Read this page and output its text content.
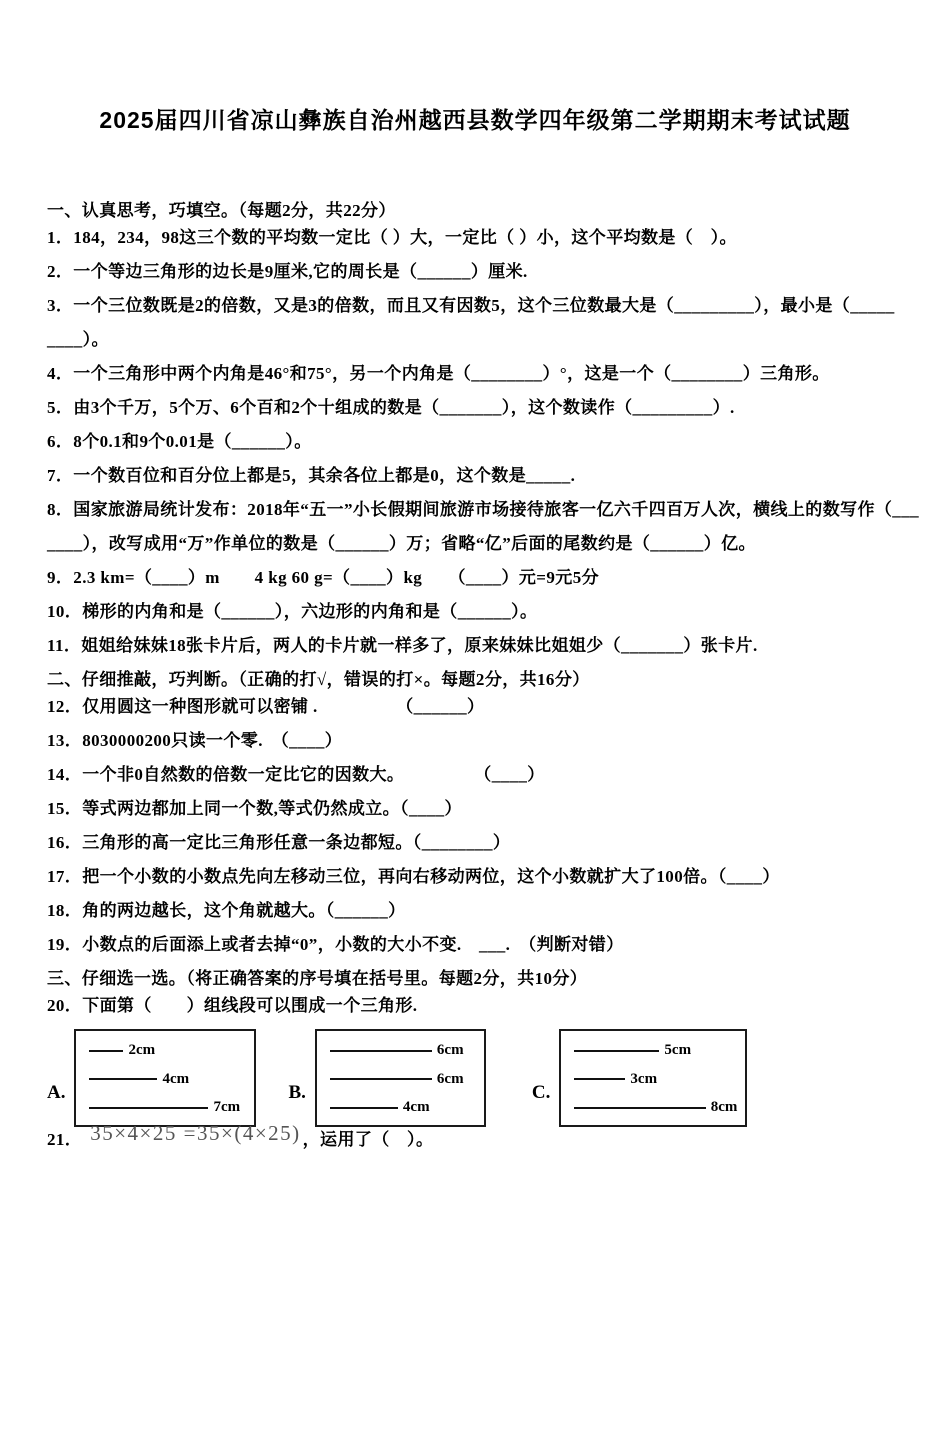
2025届四川省凉山彝族自治州越西县数学四年级第二学期期末考试试题

一、认真思考，巧填空。（每题2分，共22分）

1．184，234，98这三个数的平均数一定比（ ）大，一定比（ ）小，这个平均数是（　）。

2．一个等边三角形的边长是9厘米,它的周长是（______）厘米.

3．一个三位数既是2的倍数，又是3的倍数，而且又有因数5，这个三位数最大是（_________），最小是（_____

____）。

4．一个三角形中两个内角是46°和75°，另一个内角是（________）°，这是一个（________）三角形。

5．由3个千万，5个万、6个百和2个十组成的数是（_______），这个数读作（_________）.

6．8个0.1和9个0.01是（______）。

7．一个数百位和百分位上都是5，其余各位上都是0，这个数是_____.

8．国家旅游局统计发布：2018年“五一”小长假期间旅游市场接待旅客一亿六千四百万人次，横线上的数写作（___

____），改写成用“万”作单位的数是（______）万；省略“亿”后面的尾数约是（______）亿。

9．2.3 km=（____）m　　4 kg 60 g=（____）kg　　（____）元=9元5分

10．梯形的内角和是（______），六边形的内角和是（______）。

11．姐姐给妹妹18张卡片后，两人的卡片就一样多了，原来妹妹比姐姐少（_______）张卡片.

二、仔细推敲，巧判断。（正确的打√，错误的打×。每题2分，共16分）

12．仅用圆这一种图形就可以密铺 .　　　　　（______）

13．8030000200只读一个零.　（____）

14．一个非0自然数的倍数一定比它的因数大。　　　　　（____）

15．等式两边都加上同一个数,等式仍然成立。（____）

16．三角形的高一定比三角形任意一条边都短。（________）

17．把一个小数的小数点先向左移动三位，再向右移动两位，这个小数就扩大了100倍。（____）

18．角的两边越长，这个角就越大。（______）

19．小数点的后面添上或者去掉“0”，小数的大小不变.　___.　（判断对错）

三、仔细选一选。（将正确答案的序号填在括号里。每题2分，共10分）

20．下面第（　　）组线段可以围成一个三角形.

A.
2cm
4cm
7cm
B.
6cm
6cm
4cm
C.
5cm
3cm
8cm

21． 35×4×25 =35×(4×25) ，运用了（　）。
